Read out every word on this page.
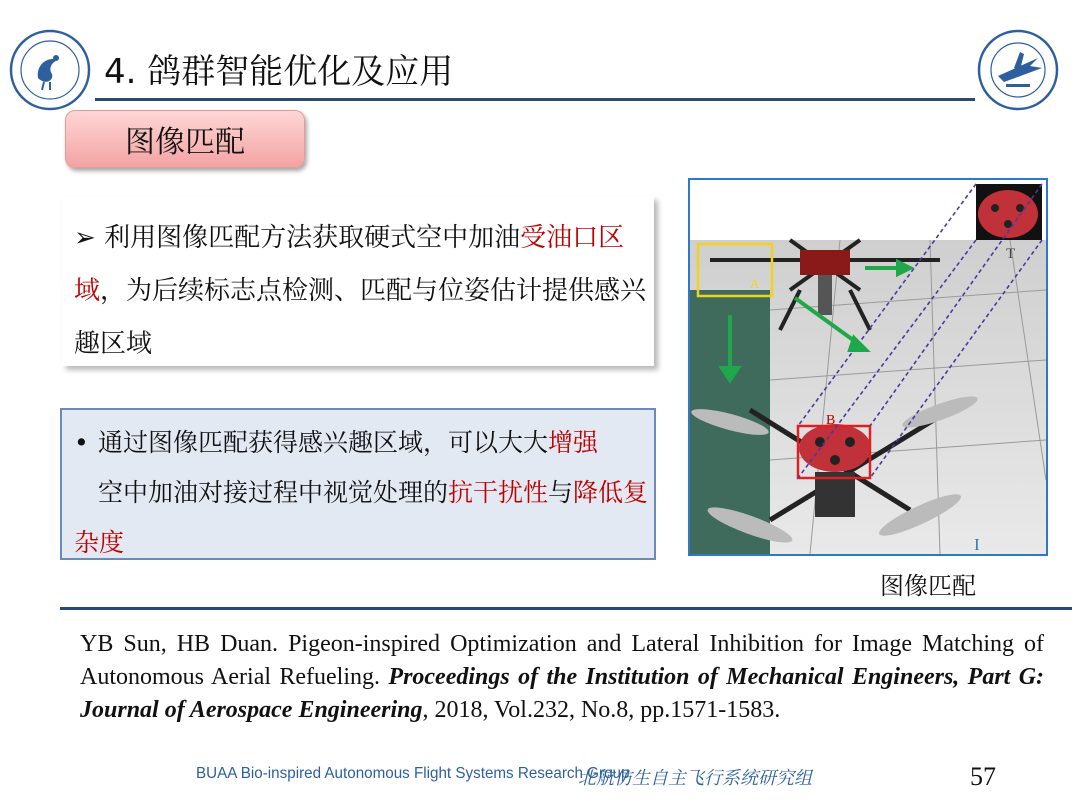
4. 鸽群智能优化及应用
图像匹配
➢ 利用图像匹配方法获取硬式空中加油受油口区域，为后续标志点检测、匹配与位姿估计提供感兴趣区域
• 通过图像匹配获得感兴趣区域，可以大大增强
空中加油对接过程中视觉处理的抗干扰性与降低复杂度
A
B
T
I
图像匹配
YB Sun, HB Duan. Pigeon-inspired Optimization and Lateral Inhibition for Image Matching of Autonomous Aerial Refueling. Proceedings of the Institution of Mechanical Engineers, Part G: Journal of Aerospace Engineering, 2018, Vol.232, No.8, pp.1571-1583.
BUAA Bio-inspired Autonomous Flight Systems Research Group
北航仿生自主飞行系统研究组	57
